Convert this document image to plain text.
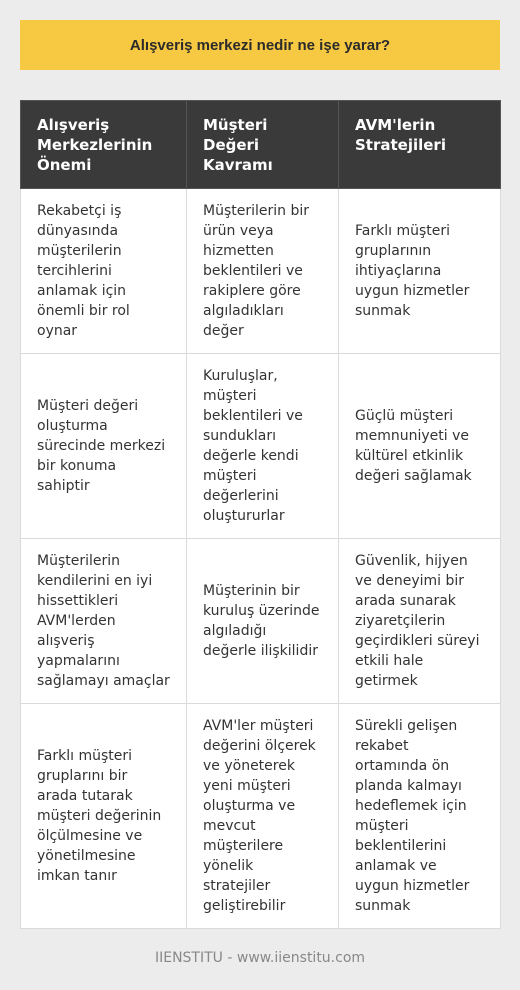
Alışveriş merkezi nedir ne işe yarar?
Alışveriş Merkezlerinin Önemi	Müşteri Değeri Kavramı	AVM'lerin Stratejileri
Rekabetçi iş dünyasında müşterilerin tercihlerini anlamak için önemli bir rol oynar	Müşterilerin bir ürün veya hizmetten beklentileri ve rakiplere göre algıladıkları değer	Farklı müşteri gruplarının ihtiyaçlarına uygun hizmetler sunmak
Müşteri değeri oluşturma sürecinde merkezi bir konuma sahiptir	Kuruluşlar, müşteri beklentileri ve sundukları değerle kendi müşteri değerlerini oluştururlar	Güçlü müşteri memnuniyeti ve kültürel etkinlik değeri sağlamak
Müşterilerin kendilerini en iyi hissettikleri AVM'lerden alışveriş yapmalarını sağlamayı amaçlar	Müşterinin bir kuruluş üzerinde algıladığı değerle ilişkilidir	Güvenlik, hijyen ve deneyimi bir arada sunarak ziyaretçilerin geçirdikleri süreyi etkili hale getirmek
Farklı müşteri gruplarını bir arada tutarak müşteri değerinin ölçülmesine ve yönetilmesine imkan tanır	AVM'ler müşteri değerini ölçerek ve yöneterek yeni müşteri oluşturma ve mevcut müşterilere yönelik stratejiler geliştirebilir	Sürekli gelişen rekabet ortamında ön planda kalmayı hedeflemek için müşteri beklentilerini anlamak ve uygun hizmetler sunmak
IIENSTITU - www.iienstitu.com
